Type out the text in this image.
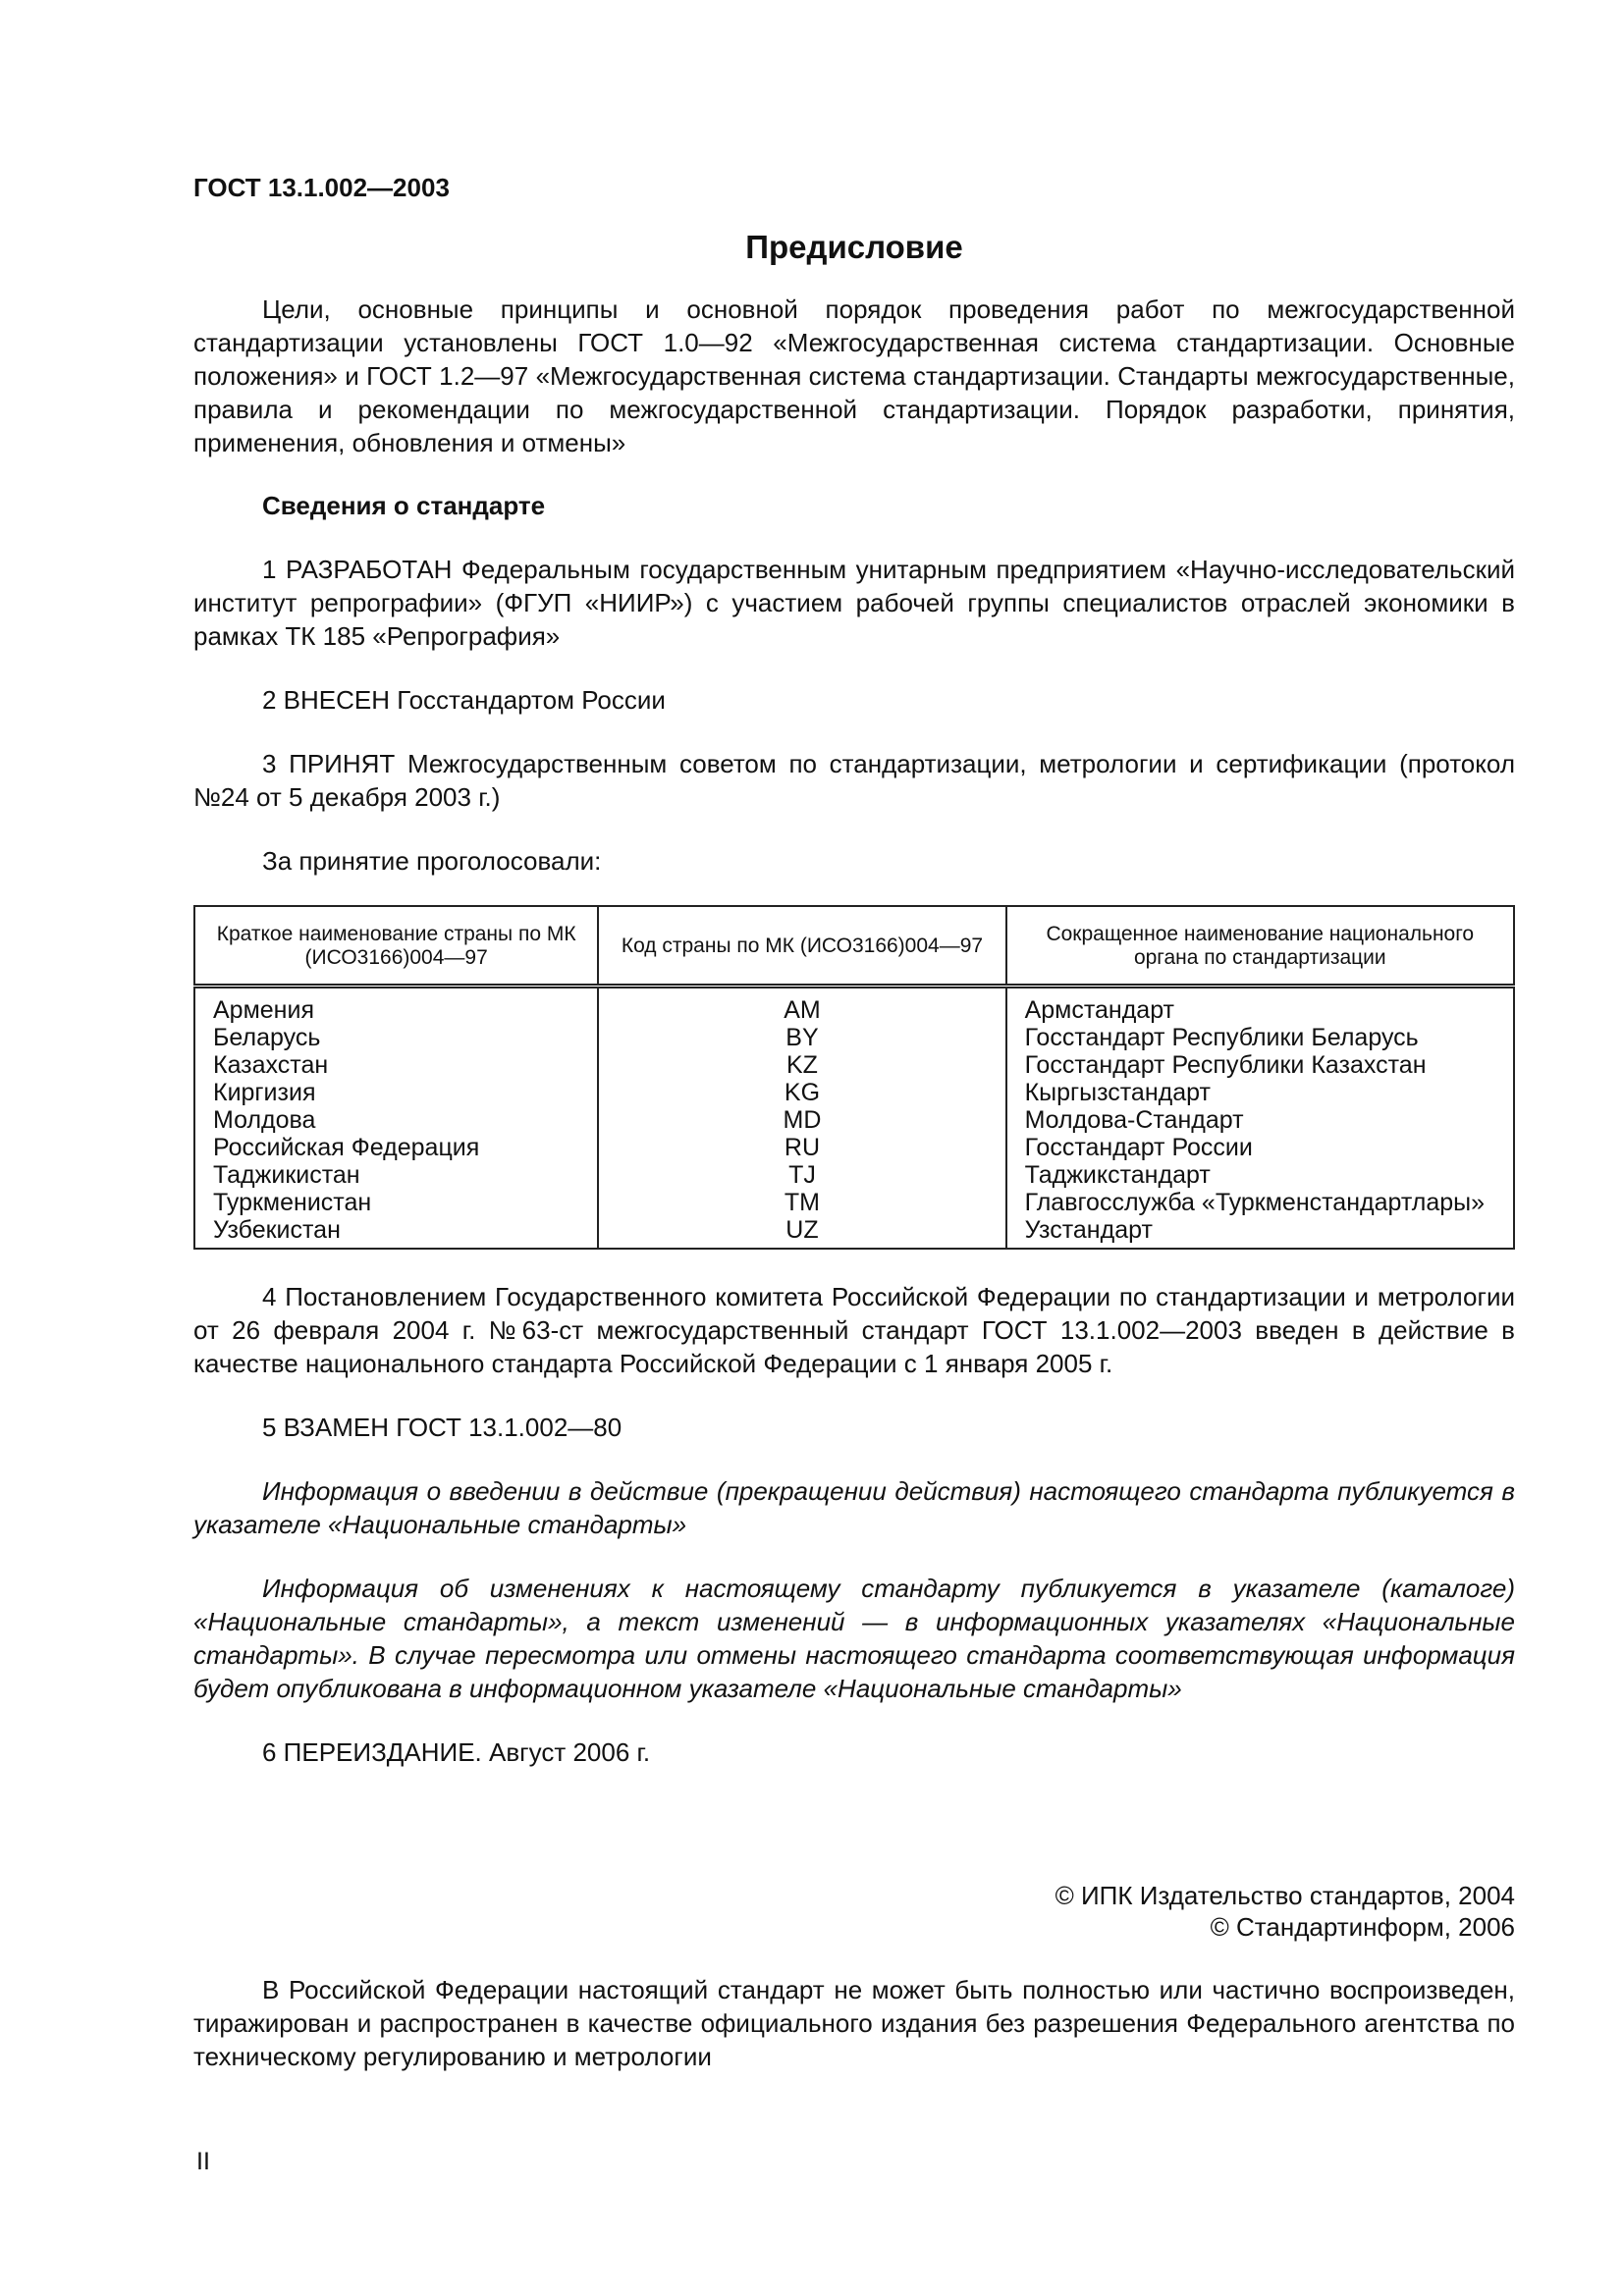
ГОСТ 13.1.002—2003
Предисловие

Цели, основные принципы и основной порядок проведения работ по межгосударственной стандартизации установлены ГОСТ 1.0—92 «Межгосударственная система стандартизации. Основные положения» и ГОСТ 1.2—97 «Межгосударственная система стандартизации. Стандарты межгосударственные, правила и рекомендации по межгосударственной стандартизации. Порядок разработки, принятия, применения, обновления и отмены»

Сведения о стандарте

1 РАЗРАБОТАН Федеральным государственным унитарным предприятием «Научно-исследовательский институт репрографии» (ФГУП «НИИР») с участием рабочей группы специалистов отраслей экономики в рамках ТК 185 «Репрография»

2 ВНЕСЕН Госстандартом России

3 ПРИНЯТ Межгосударственным советом по стандартизации, метрологии и сертификации (протокол №24 от 5 декабря 2003 г.)

За принятие проголосовали:

Краткое наименование страны по МК (ИСО3166)004—97	Код страны по МК (ИСО3166)004—97	Сокращенное наименование национального органа по стандартизации
Армения	AM	Армстандарт
Беларусь	BY	Госстандарт Республики Беларусь
Казахстан	KZ	Госстандарт Республики Казахстан
Киргизия	KG	Кыргызстандарт
Молдова	MD	Молдова-Стандарт
Российская Федерация	RU	Госстандарт России
Таджикистан	TJ	Таджикстандарт
Туркменистан	TM	Главгосслужба «Туркменстандартлары»
Узбекистан	UZ	Узстандарт

4 Постановлением Государственного комитета Российской Федерации по стандартизации и метрологии от 26 февраля 2004 г. №63-ст межгосударственный стандарт ГОСТ 13.1.002—2003 введен в действие в качестве национального стандарта Российской Федерации с 1 января 2005 г.

5 ВЗАМЕН ГОСТ 13.1.002—80

Информация о введении в действие (прекращении действия) настоящего стандарта публикуется в указателе «Национальные стандарты»

Информация об изменениях к настоящему стандарту публикуется в указателе (каталоге) «Национальные стандарты», а текст изменений — в информационных указателях «Национальные стандарты». В случае пересмотра или отмены настоящего стандарта соответствующая информация будет опубликована в информационном указателе «Национальные стандарты»

6 ПЕРЕИЗДАНИЕ. Август 2006 г.

© ИПК Издательство стандартов, 2004
© Стандартинформ, 2006

В Российской Федерации настоящий стандарт не может быть полностью или частично воспроизведен, тиражирован и распространен в качестве официального издания без разрешения Федерального агентства по техническому регулированию и метрологии

II
